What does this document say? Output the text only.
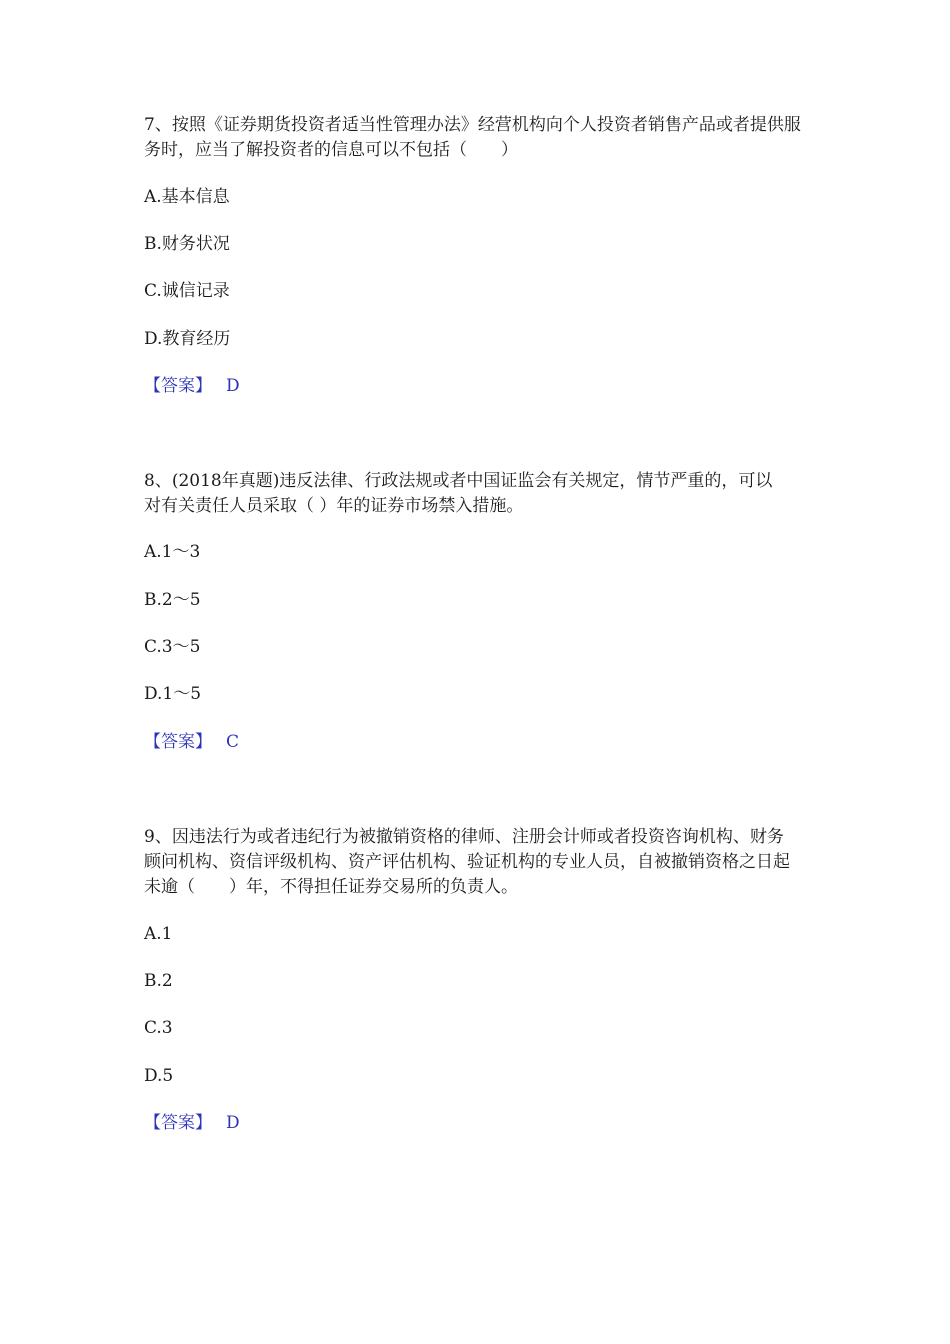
7、按照《证券期货投资者适当性管理办法》经营机构向个人投资者销售产品或者提供服务时，应当了解投资者的信息可以不包括（　　）

A.基本信息

B.财务状况

C.诚信记录

D.教育经历

【答案】 D

8、(2018年真题)违反法律、行政法规或者中国证监会有关规定，情节严重的，可以对有关责任人员采取（ ）年的证券市场禁入措施。

A.1～3

B.2～5

C.3～5

D.1～5

【答案】 C

9、因违法行为或者违纪行为被撤销资格的律师、注册会计师或者投资咨询机构、财务顾问机构、资信评级机构、资产评估机构、验证机构的专业人员，自被撤销资格之日起未逾（　　）年，不得担任证券交易所的负责人。

A.1

B.2

C.3

D.5

【答案】 D
